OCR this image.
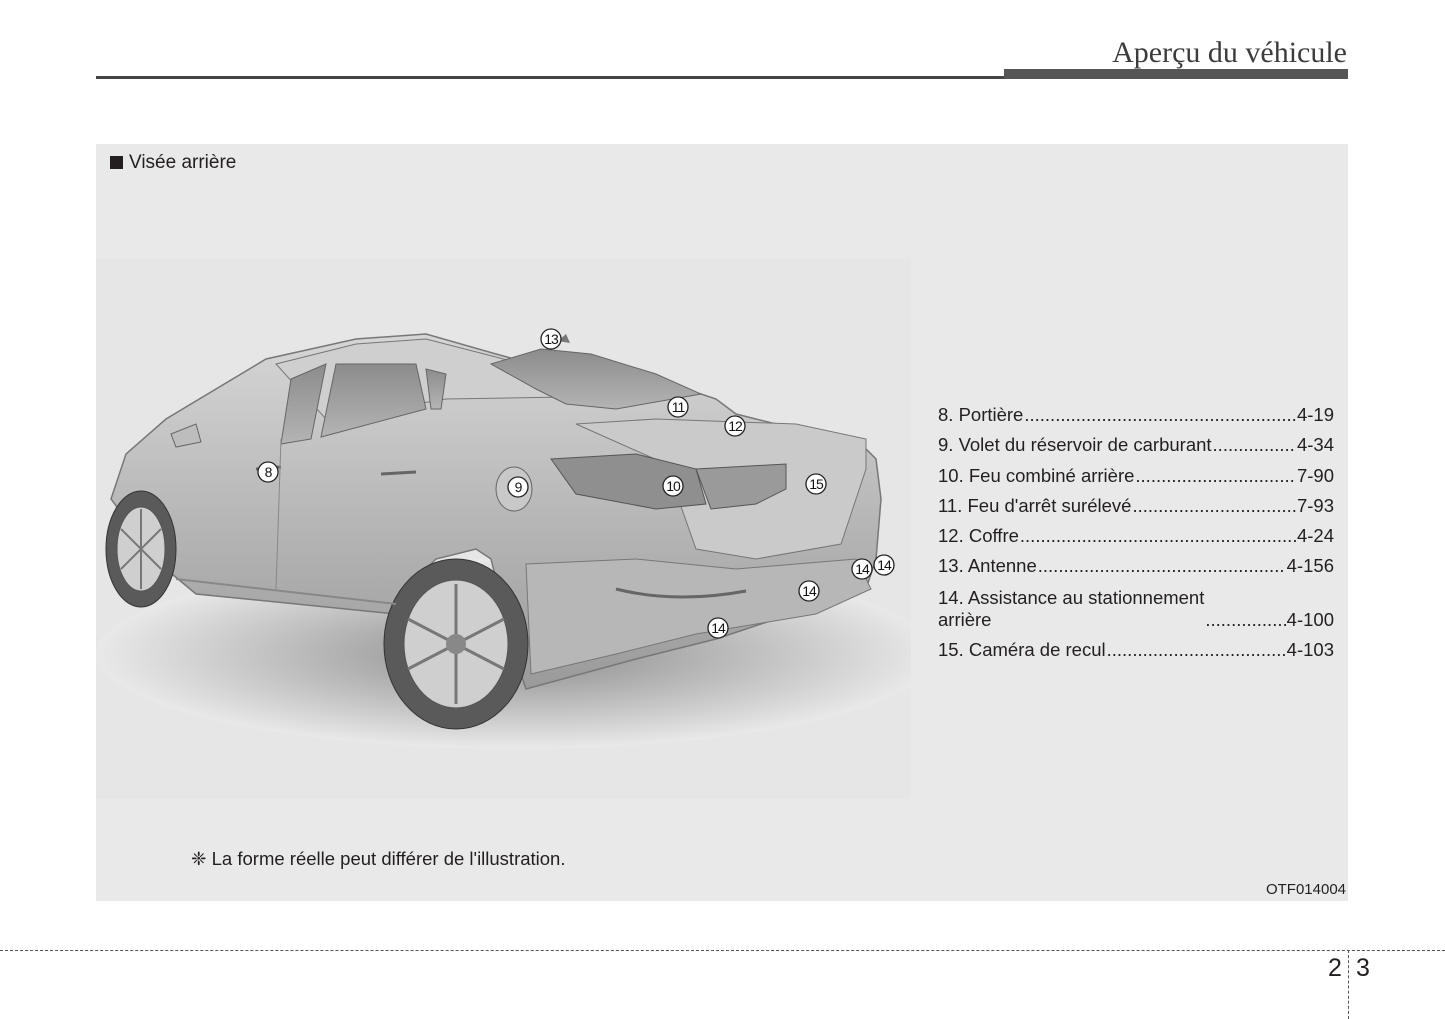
Aperçu du véhicule
Visée arrière
13
11
12
8
9	10	15
14 14
14
14
8. Portière .....	4-19
9. Volet du réservoir de carburant .....	4-34
10. Feu combiné arrière .....	7-90
11. Feu d'arrêt surélevé .....	7-93
12. Coffre .....	4-24
13. Antenne .....	4-156
14. Assistance au stationnement
arrière .....	4-100
15. Caméra de recul .....	4-103
❈ La forme réelle peut différer de l'illustration.
OTF014004
2 3
